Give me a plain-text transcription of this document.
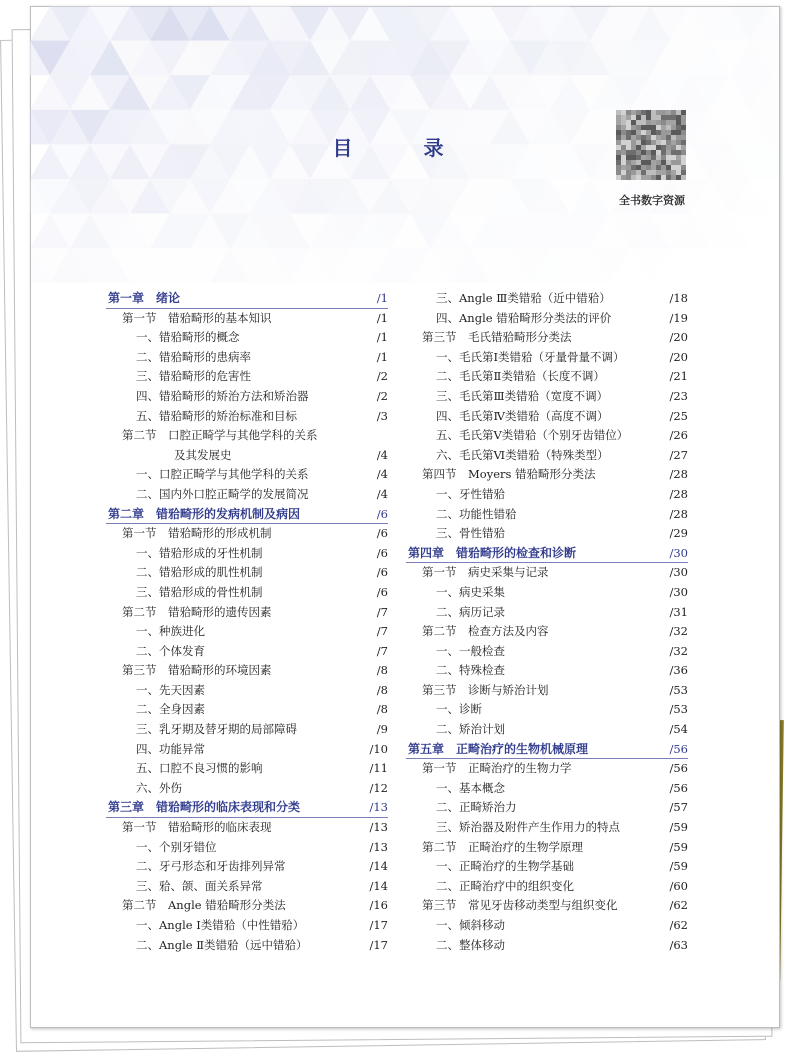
目 录
全书数字资源
第一章　绪论	/1
第一节　错𬌗畸形的基本知识	/1
一、错𬌗畸形的概念	/1
二、错𬌗畸形的患病率	/1
三、错𬌗畸形的危害性	/2
四、错𬌗畸形的矫治方法和矫治器	/2
五、错𬌗畸形的矫治标准和目标	/3
第二节　口腔正畸学与其他学科的关系
及其发展史	/4
一、口腔正畸学与其他学科的关系	/4
二、国内外口腔正畸学的发展简况	/4
第二章　错𬌗畸形的发病机制及病因	/6
第一节　错𬌗畸形的形成机制	/6
一、错𬌗形成的牙性机制	/6
二、错𬌗形成的肌性机制	/6
三、错𬌗形成的骨性机制	/6
第二节　错𬌗畸形的遗传因素	/7
一、种族进化	/7
二、个体发育	/7
第三节　错𬌗畸形的环境因素	/8
一、先天因素	/8
二、全身因素	/8
三、乳牙期及替牙期的局部障碍	/9
四、功能异常	/10
五、口腔不良习惯的影响	/11
六、外伤	/12
第三章　错𬌗畸形的临床表现和分类	/13
第一节　错𬌗畸形的临床表现	/13
一、个别牙错位	/13
二、牙弓形态和牙齿排列异常	/14
三、𬌗、颌、面关系异常	/14
第二节　Angle 错𬌗畸形分类法	/16
一、Angle Ⅰ类错𬌗（中性错𬌗）	/17
二、Angle Ⅱ类错𬌗（远中错𬌗）	/17
三、Angle Ⅲ类错𬌗（近中错𬌗）	/18
四、Angle 错𬌗畸形分类法的评价	/19
第三节　毛氏错𬌗畸形分类法	/20
一、毛氏第Ⅰ类错𬌗（牙量骨量不调）	/20
二、毛氏第Ⅱ类错𬌗（长度不调）	/21
三、毛氏第Ⅲ类错𬌗（宽度不调）	/23
四、毛氏第Ⅳ类错𬌗（高度不调）	/25
五、毛氏第Ⅴ类错𬌗（个别牙齿错位）	/26
六、毛氏第Ⅵ类错𬌗（特殊类型）	/27
第四节　Moyers 错𬌗畸形分类法	/28
一、牙性错𬌗	/28
二、功能性错𬌗	/28
三、骨性错𬌗	/29
第四章　错𬌗畸形的检查和诊断	/30
第一节　病史采集与记录	/30
一、病史采集	/30
二、病历记录	/31
第二节　检查方法及内容	/32
一、一般检查	/32
二、特殊检查	/36
第三节　诊断与矫治计划	/53
一、诊断	/53
二、矫治计划	/54
第五章　正畸治疗的生物机械原理	/56
第一节　正畸治疗的生物力学	/56
一、基本概念	/56
二、正畸矫治力	/57
三、矫治器及附件产生作用力的特点	/59
第二节　正畸治疗的生物学原理	/59
一、正畸治疗的生物学基础	/59
二、正畸治疗中的组织变化	/60
第三节　常见牙齿移动类型与组织变化	/62
一、倾斜移动	/62
二、整体移动	/63
